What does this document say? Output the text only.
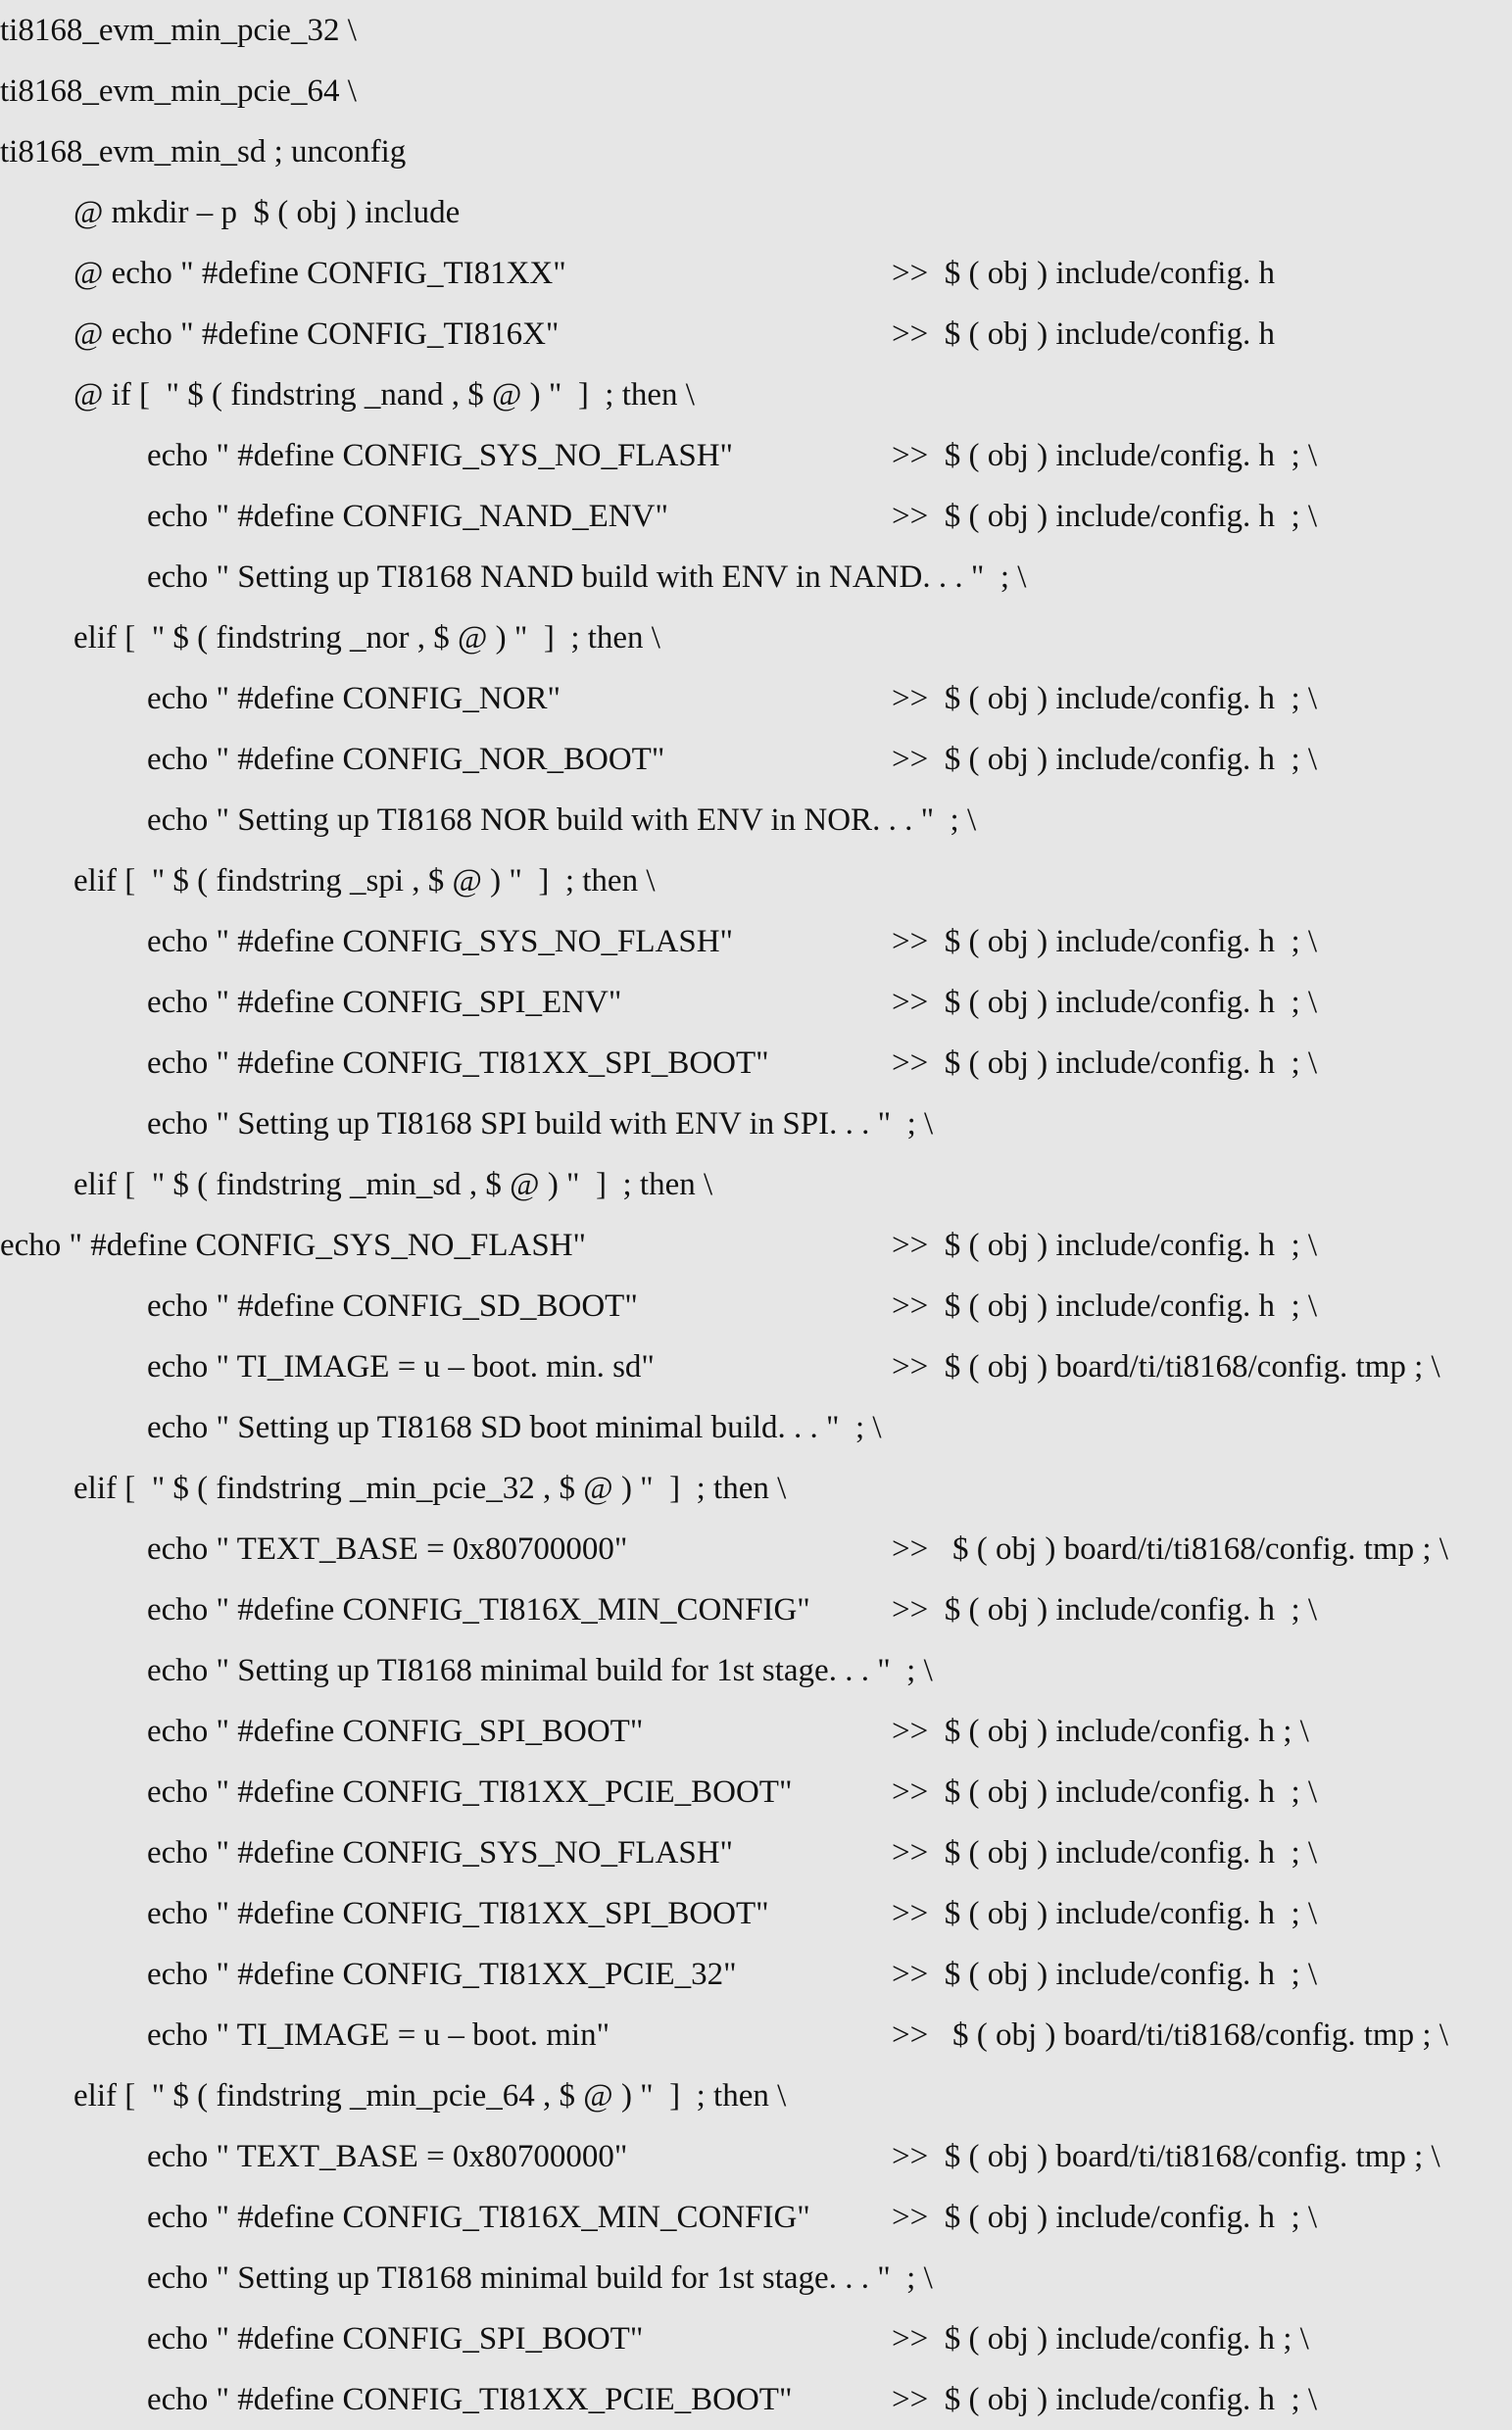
ti8168_evm_min_pcie_32 \
ti8168_evm_min_pcie_64 \
ti8168_evm_min_sd ; unconfig
@ mkdir – p  $ ( obj ) include
@ echo " #define CONFIG_TI81XX"	>>  $ ( obj ) include/config. h
@ echo " #define CONFIG_TI816X"	>>  $ ( obj ) include/config. h
@ if [  " $ ( findstring _nand , $ @ ) "  ]  ; then \
echo " #define CONFIG_SYS_NO_FLASH"	>>  $ ( obj ) include/config. h  ; \
echo " #define CONFIG_NAND_ENV"	>>  $ ( obj ) include/config. h  ; \
echo " Setting up TI8168 NAND build with ENV in NAND. . . "  ; \
elif [  " $ ( findstring _nor , $ @ ) "  ]  ; then \
echo " #define CONFIG_NOR"	>>  $ ( obj ) include/config. h  ; \
echo " #define CONFIG_NOR_BOOT"	>>  $ ( obj ) include/config. h  ; \
echo " Setting up TI8168 NOR build with ENV in NOR. . . "  ; \
elif [  " $ ( findstring _spi , $ @ ) "  ]  ; then \
echo " #define CONFIG_SYS_NO_FLASH"	>>  $ ( obj ) include/config. h  ; \
echo " #define CONFIG_SPI_ENV"	>>  $ ( obj ) include/config. h  ; \
echo " #define CONFIG_TI81XX_SPI_BOOT"	>>  $ ( obj ) include/config. h  ; \
echo " Setting up TI8168 SPI build with ENV in SPI. . . "  ; \
elif [  " $ ( findstring _min_sd , $ @ ) "  ]  ; then \
echo " #define CONFIG_SYS_NO_FLASH"	>>  $ ( obj ) include/config. h  ; \
echo " #define CONFIG_SD_BOOT"	>>  $ ( obj ) include/config. h  ; \
echo " TI_IMAGE = u – boot. min. sd"	>>  $ ( obj ) board/ti/ti8168/config. tmp ; \
echo " Setting up TI8168 SD boot minimal build. . . "  ; \
elif [  " $ ( findstring _min_pcie_32 , $ @ ) "  ]  ; then \
echo " TEXT_BASE = 0x80700000"	>>   $ ( obj ) board/ti/ti8168/config. tmp ; \
echo " #define CONFIG_TI816X_MIN_CONFIG"	>>  $ ( obj ) include/config. h  ; \
echo " Setting up TI8168 minimal build for 1st stage. . . "  ; \
echo " #define CONFIG_SPI_BOOT"	>>  $ ( obj ) include/config. h ; \
echo " #define CONFIG_TI81XX_PCIE_BOOT"	>>  $ ( obj ) include/config. h  ; \
echo " #define CONFIG_SYS_NO_FLASH"	>>  $ ( obj ) include/config. h  ; \
echo " #define CONFIG_TI81XX_SPI_BOOT"	>>  $ ( obj ) include/config. h  ; \
echo " #define CONFIG_TI81XX_PCIE_32"	>>  $ ( obj ) include/config. h  ; \
echo " TI_IMAGE = u – boot. min"	>>   $ ( obj ) board/ti/ti8168/config. tmp ; \
elif [  " $ ( findstring _min_pcie_64 , $ @ ) "  ]  ; then \
echo " TEXT_BASE = 0x80700000"	>>  $ ( obj ) board/ti/ti8168/config. tmp ; \
echo " #define CONFIG_TI816X_MIN_CONFIG"	>>  $ ( obj ) include/config. h  ; \
echo " Setting up TI8168 minimal build for 1st stage. . . "  ; \
echo " #define CONFIG_SPI_BOOT"	>>  $ ( obj ) include/config. h ; \
echo " #define CONFIG_TI81XX_PCIE_BOOT"	>>  $ ( obj ) include/config. h  ; \
